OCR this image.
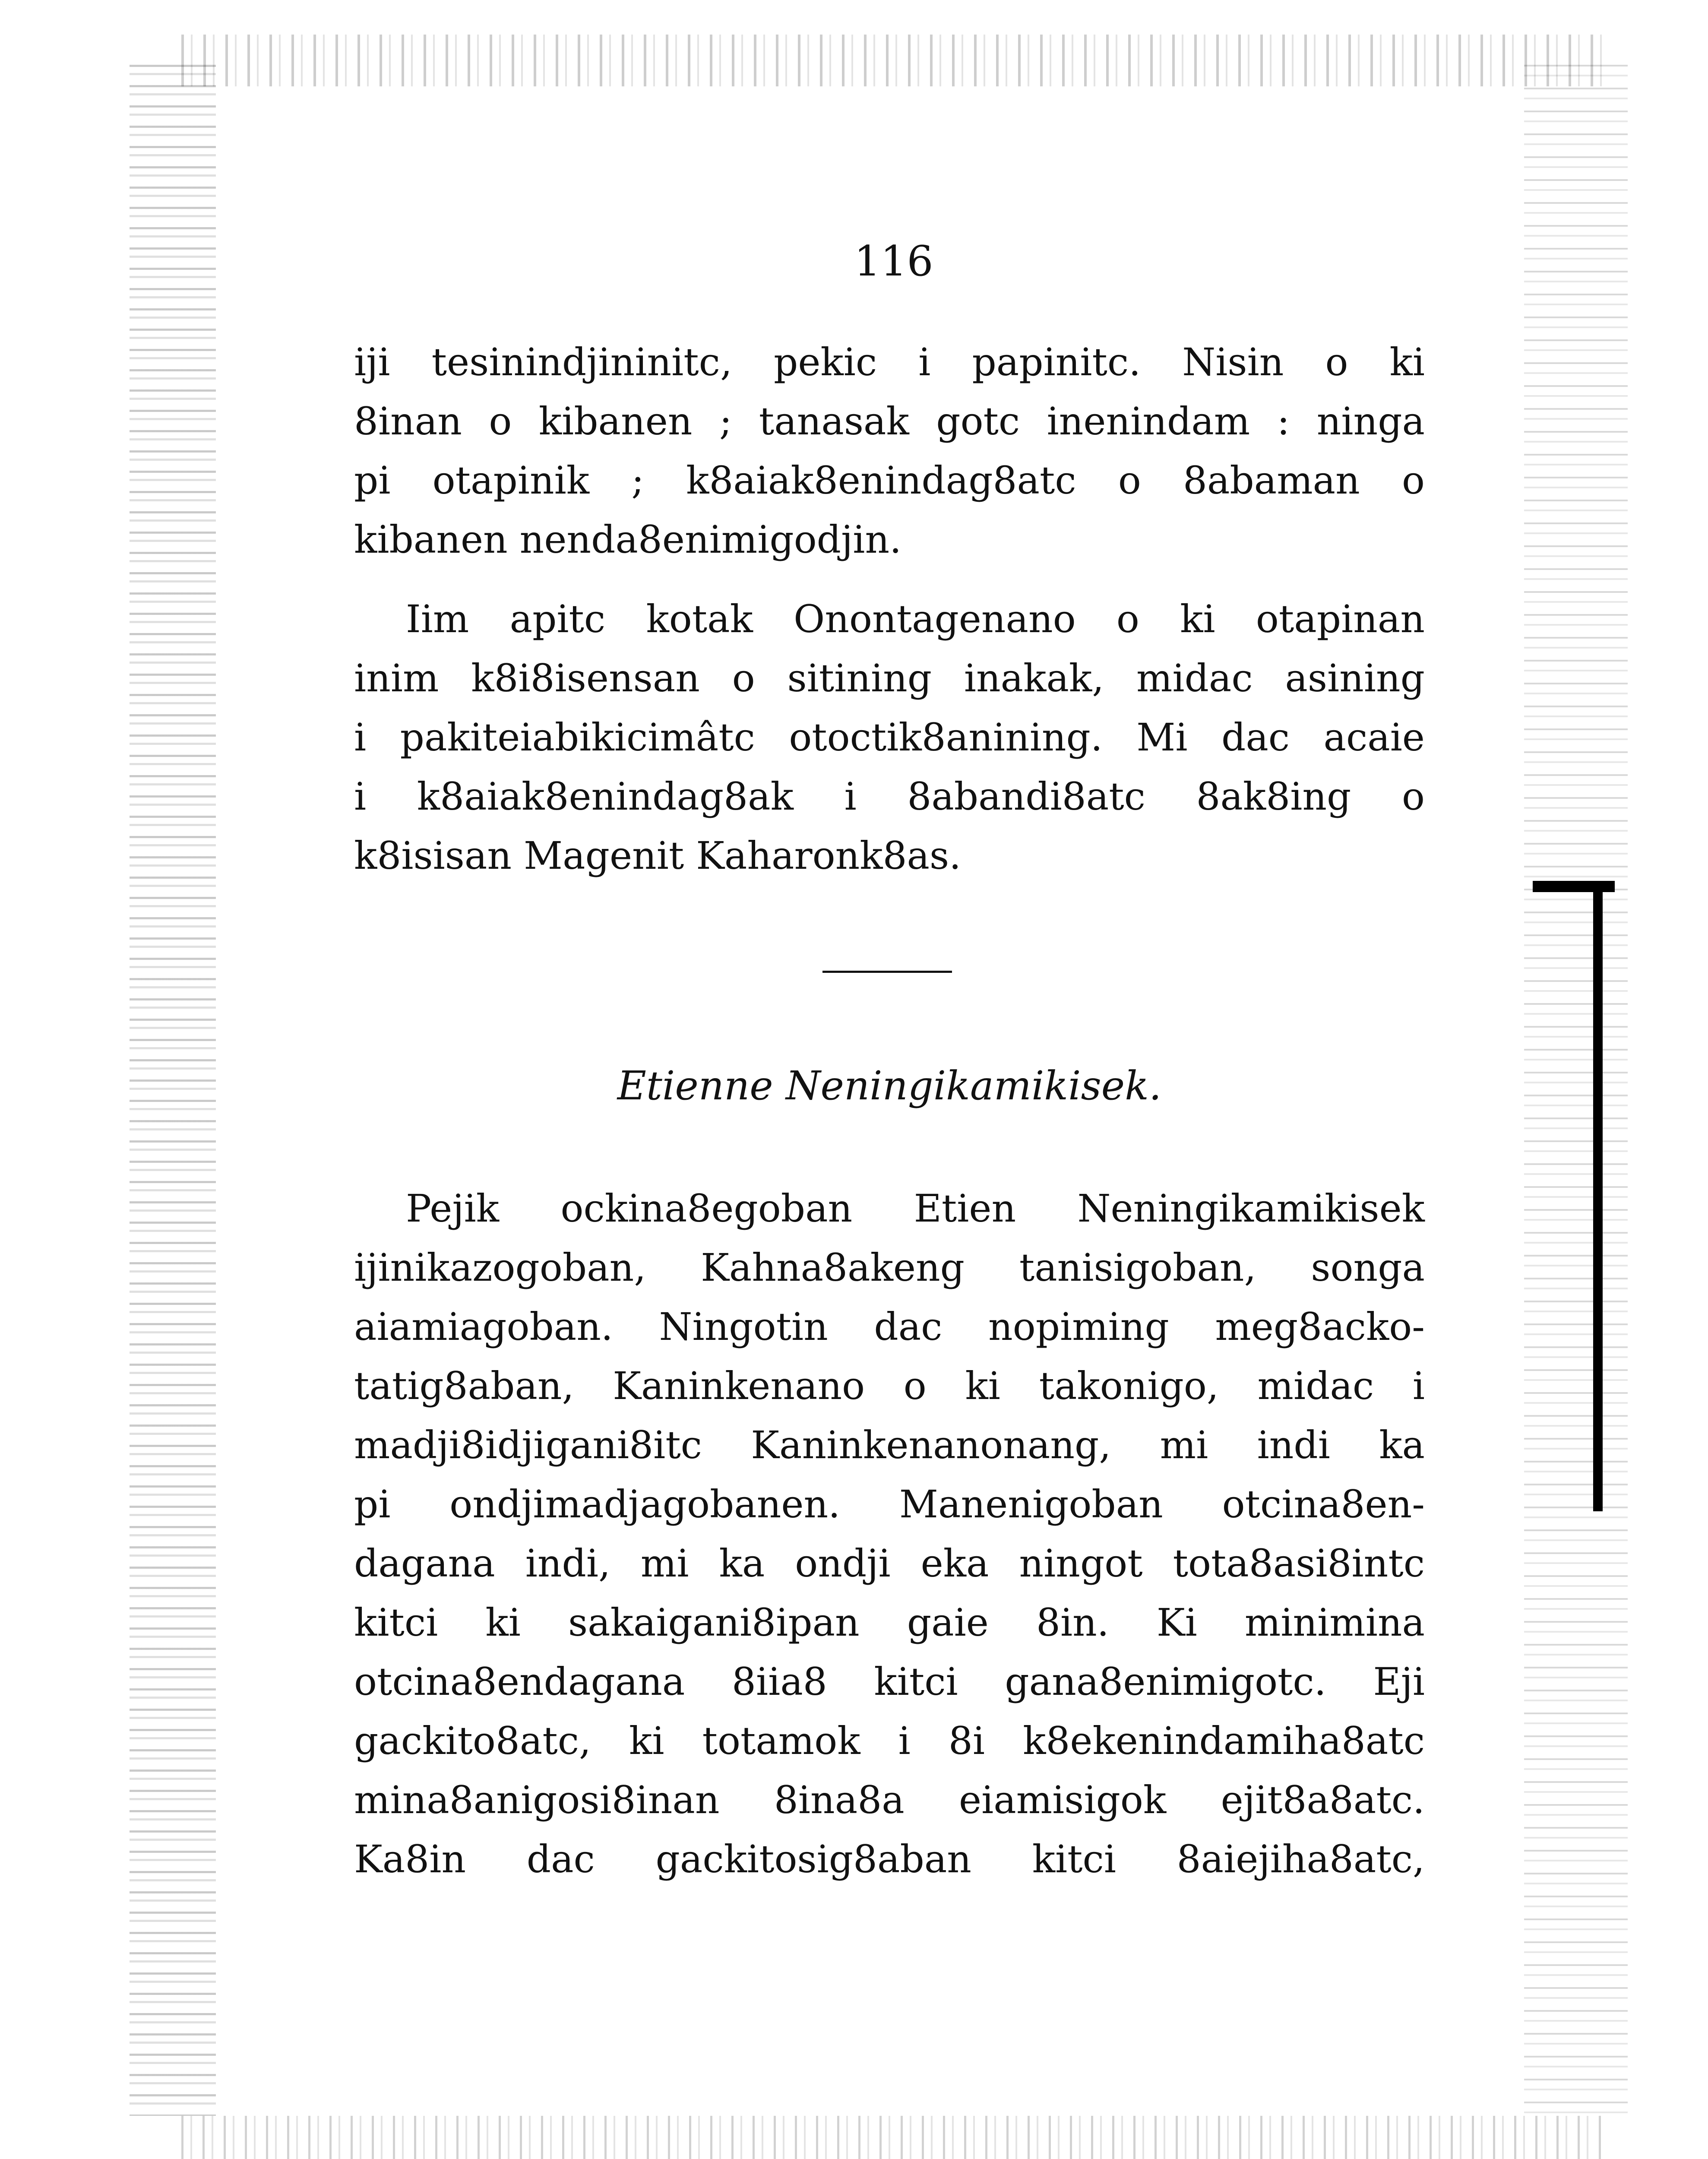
116
iji tesinindjininitc, pekic i papinitc. Nisin o ki
8inan o kibanen ; tanasak gotc inenindam : ninga
pi otapinik ; k8aiak8enindag8atc o 8abaman o
kibanen nenda8enimigodjin.
Iim apitc kotak Onontagenano o ki otapinan
inim k8i8isensan o sitining inakak, midac asining
i pakiteiabikicimâtc otoctik8anining. Mi dac acaie
i k8aiak8enindag8ak i 8abandi8atc 8ak8ing o
k8isisan Magenit Kaharonk8as.
Etienne Neningikamikisek.
Pejik ockina8egoban Etien Neningikamikisek
ijinikazogoban, Kahna8akeng tanisigoban, songa
aiamiagoban. Ningotin dac nopiming meg8acko-
tatig8aban, Kaninkenano o ki takonigo, midac i
madji8idjigani8itc Kaninkenanonang, mi indi ka
pi ondjimadjagobanen. Manenigoban otcina8en-
dagana indi, mi ka ondji eka ningot tota8asi8intc
kitci ki sakaigani8ipan gaie 8in. Ki minimina
otcina8endagana 8iia8 kitci gana8enimigotc. Eji
gackito8atc, ki totamok i 8i k8ekenindamiha8atc
mina8anigosi8inan 8ina8a eiamisigok ejit8a8atc.
Ka8in dac gackitosig8aban kitci 8aiejiha8atc,
